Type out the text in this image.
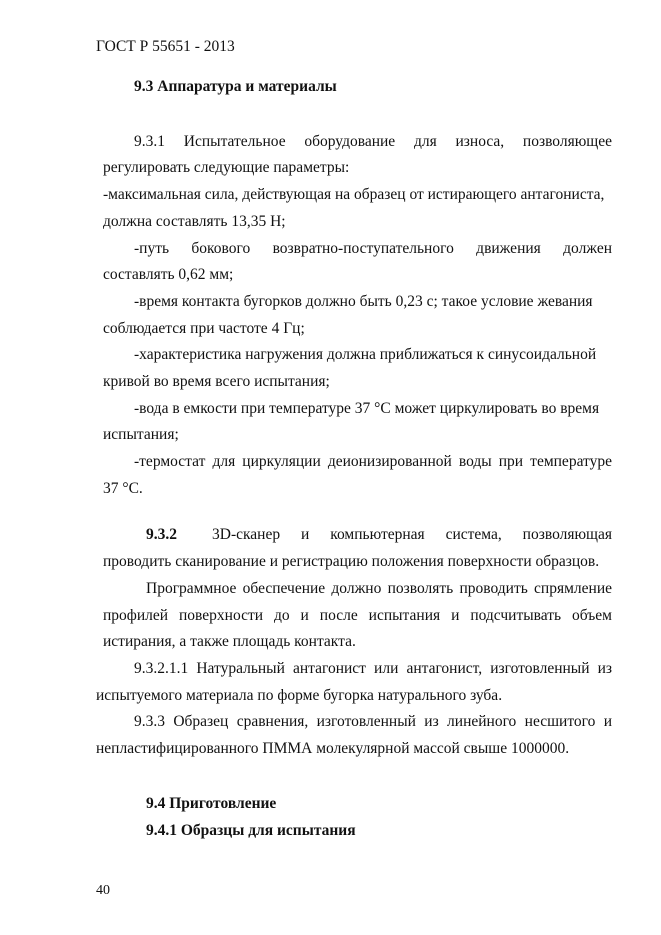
ГОСТ Р 55651 - 2013
9.3 Аппаратура и материалы
9.3.1 Испытательное оборудование для износа, позволяющее
регулировать следующие параметры:
-максимальная сила, действующая на образец от истирающего антагониста,
должна составлять 13,35 Н;
-путь бокового возвратно-поступательного движения должен
составлять 0,62 мм;
-время контакта бугорков должно быть 0,23 с; такое условие жевания
соблюдается при частоте 4 Гц;
-характеристика нагружения должна приближаться к синусоидальной
кривой во время всего испытания;
-вода в емкости при температуре 37 °С может циркулировать во время
испытания;
-термостат для циркуляции деионизированной воды при температуре
37 °С.
9.3.2 3D-сканер и компьютерная система, позволяющая
проводить сканирование и регистрацию положения поверхности образцов.
Программное обеспечение должно позволять проводить спрямление
профилей поверхности до и после испытания и подсчитывать объем
истирания, а также площадь контакта.
9.3.2.1.1 Натуральный антагонист или антагонист, изготовленный из
испытуемого материала по форме бугорка натурального зуба.
9.3.3 Образец сравнения, изготовленный из линейного несшитого и
непластифицированного ПММА молекулярной массой свыше 1000000.
9.4 Приготовление
9.4.1 Образцы для испытания
40
